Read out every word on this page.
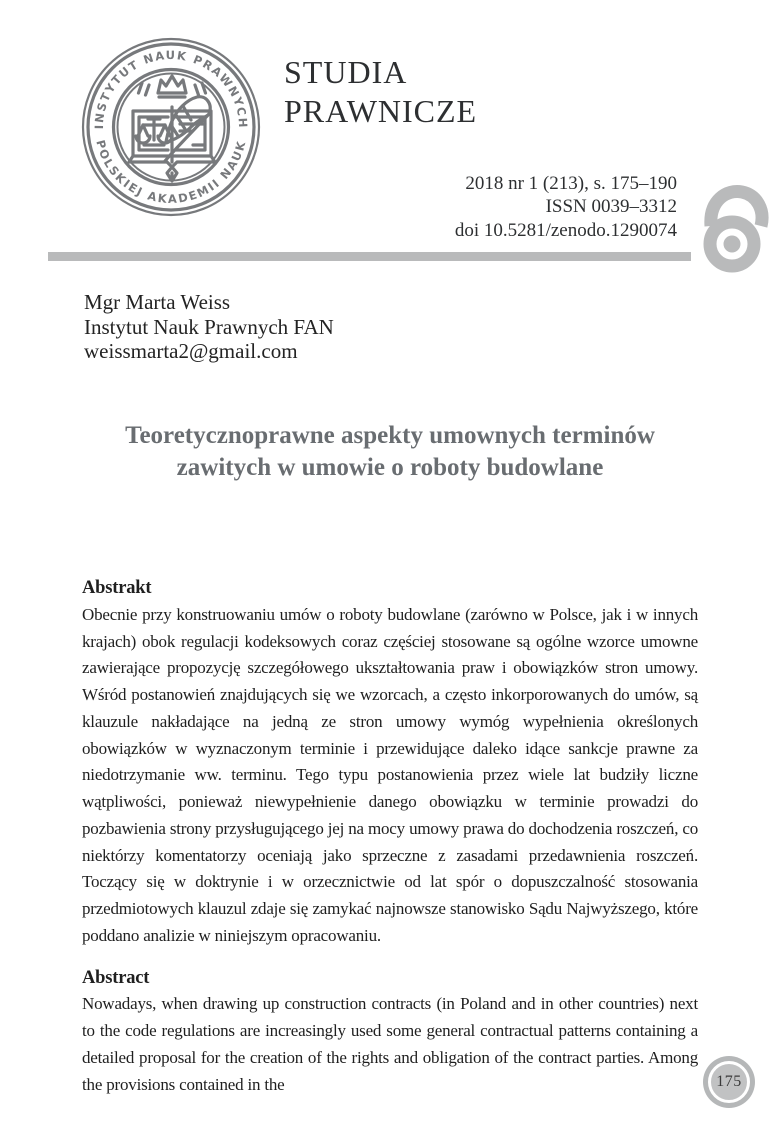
INSTYTUT NAUK PRAWNYCH
POLSKIEJ AKADEMII NAUK
STUDIA
PRAWNICZE
2018 nr 1 (213), s. 175–190
ISSN 0039–3312
doi 10.5281/zenodo.1290074
Mgr Marta Weiss
Instytut Nauk Prawnych FAN
weissmarta2@gmail.com
Teoretycznoprawne aspekty umownych terminów
zawitych w umowie o roboty budowlane
Abstrakt

Obecnie przy konstruowaniu umów o roboty budowlane (zarówno w Polsce, jak i w innych krajach) obok regulacji kodeksowych coraz częściej stosowane są ogólne wzorce umowne zawierające propozycję szczegółowego ukształtowania praw i obowiązków stron umowy. Wśród postanowień znajdujących się we wzorcach, a często inkorporowanych do umów, są klauzule nakładające na jedną ze stron umowy wymóg wypełnienia określonych obowiązków w wyznaczonym terminie i przewidujące daleko idące sankcje prawne za niedotrzymanie ww. terminu. Tego typu postanowienia przez wiele lat budziły liczne wątpliwości, ponieważ niewypełnienie danego obowiązku w terminie prowadzi do pozbawienia strony przysługującego jej na mocy umowy prawa do dochodzenia roszczeń, co niektórzy komentatorzy oceniają jako sprzeczne z zasadami przedawnienia roszczeń. Toczący się w doktrynie i w orzecznictwie od lat spór o dopuszczalność stosowania przedmiotowych klauzul zdaje się zamykać najnowsze stanowisko Sądu Najwyższego, które poddano analizie w niniejszym opracowaniu.

Abstract

Nowadays, when drawing up construction contracts (in Poland and in other countries) next to the code regulations are increasingly used some general contractual patterns containing a detailed proposal for the creation of the rights and obligation of the contract parties. Among the provisions contained in the	175
